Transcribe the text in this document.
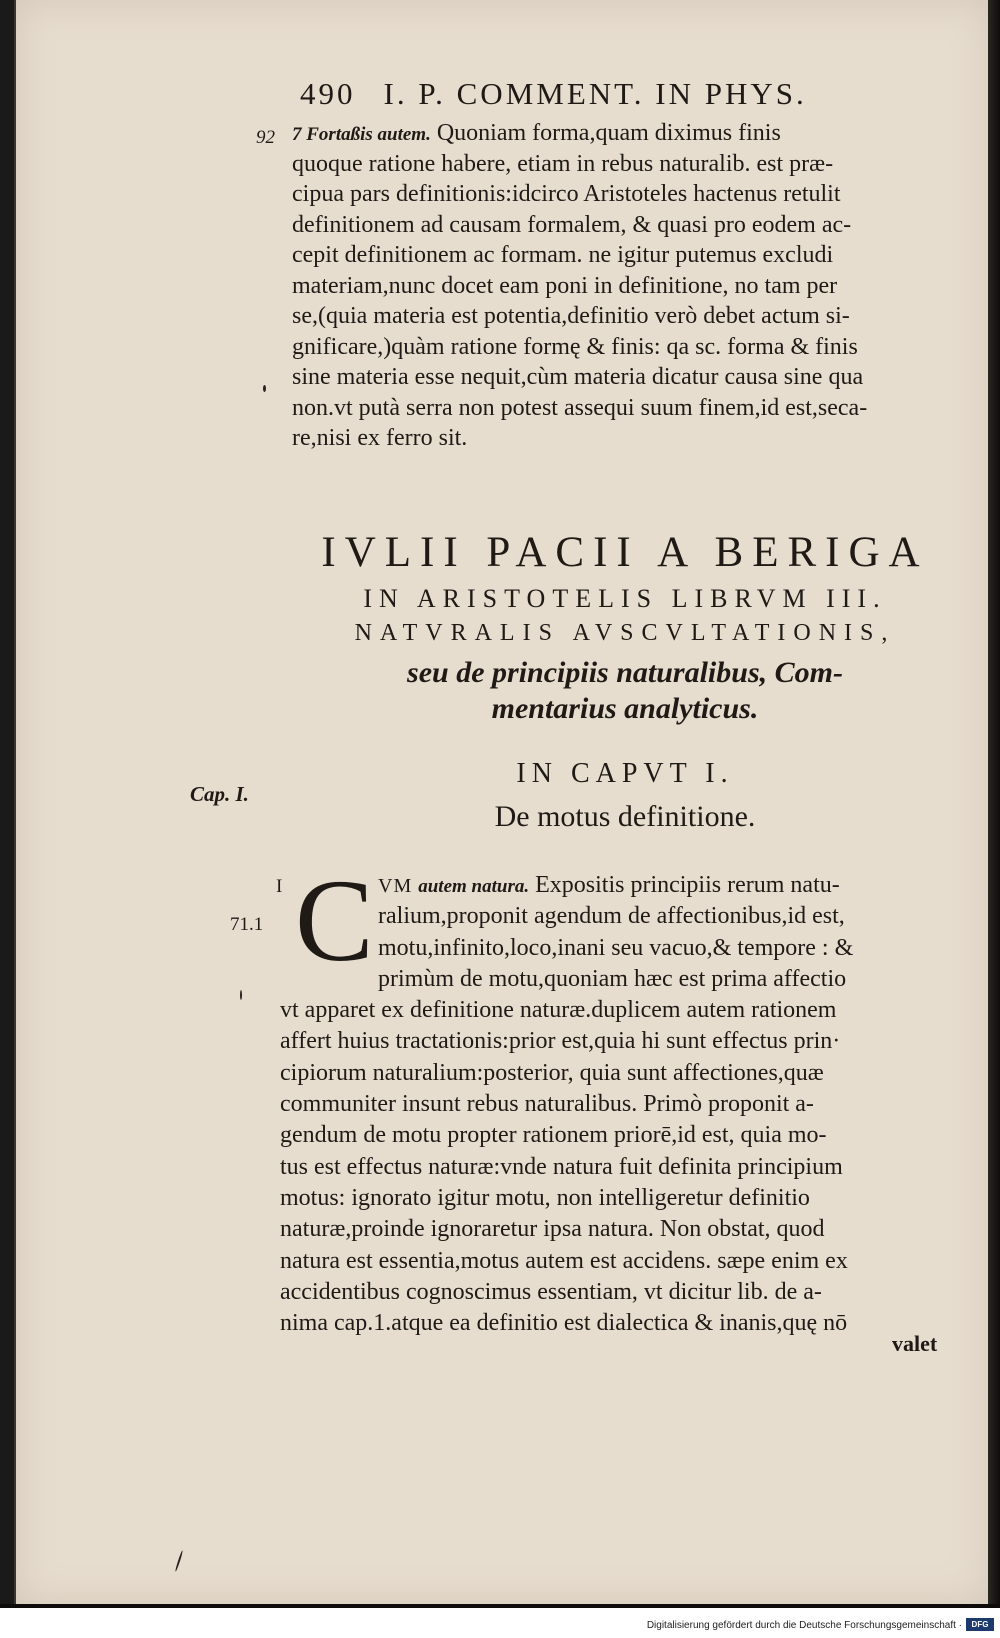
490 I. P. COMMENT. IN PHYS.
92
Cap. I.
I
71.1
7 Fortaßis autem. Quoniam forma,quam diximus finis
quoque ratione habere, etiam in rebus naturalib. est præ-
cipua pars definitionis:idcirco Aristoteles hactenus retulit
definitionem ad causam formalem, & quasi pro eodem ac-
cepit definitionem ac formam. ne igitur putemus excludi
materiam,nunc docet eam poni in definitione, no tam per
se,(quia materia est potentia,definitio verò debet actum si-
gnificare,)quàm ratione formę & finis: qa sc. forma & finis
sine materia esse nequit,cùm materia dicatur causa sine qua
non.vt putà serra non potest assequi suum finem,id est,seca-
re,nisi ex ferro sit.
IVLII PACII A BERIGA
IN ARISTOTELIS LIBRVM III.
NATVRALIS AVSCVLTATIONIS,
seu de principiis naturalibus, Com-
mentarius analyticus.
IN CAPVT I.
De motus definitione.
C VM autem natura. Expositis principiis rerum natu-
ralium,proponit agendum de affectionibus,id est,
motu,infinito,loco,inani seu vacuo,& tempore : &
primùm de motu,quoniam hæc est prima affectio
vt apparet ex definitione naturæ.duplicem autem rationem
affert huius tractationis:prior est,quia hi sunt effectus prin·
cipiorum naturalium:posterior, quia sunt affectiones,quæ
communiter insunt rebus naturalibus. Primò proponit a-
gendum de motu propter rationem priorē,id est, quia mo-
tus est effectus naturæ:vnde natura fuit definita principium
motus: ignorato igitur motu, non intelligeretur definitio
naturæ,proinde ignoraretur ipsa natura. Non obstat, quod
natura est essentia,motus autem est accidens. sæpe enim ex
accidentibus cognoscimus essentiam, vt dicitur lib. de a-
nima cap.1.atque ea definitio est dialectica & inanis,quę nō
valet
Digitalisierung gefördert durch die Deutsche Forschungsgemeinschaft ·	DFG
